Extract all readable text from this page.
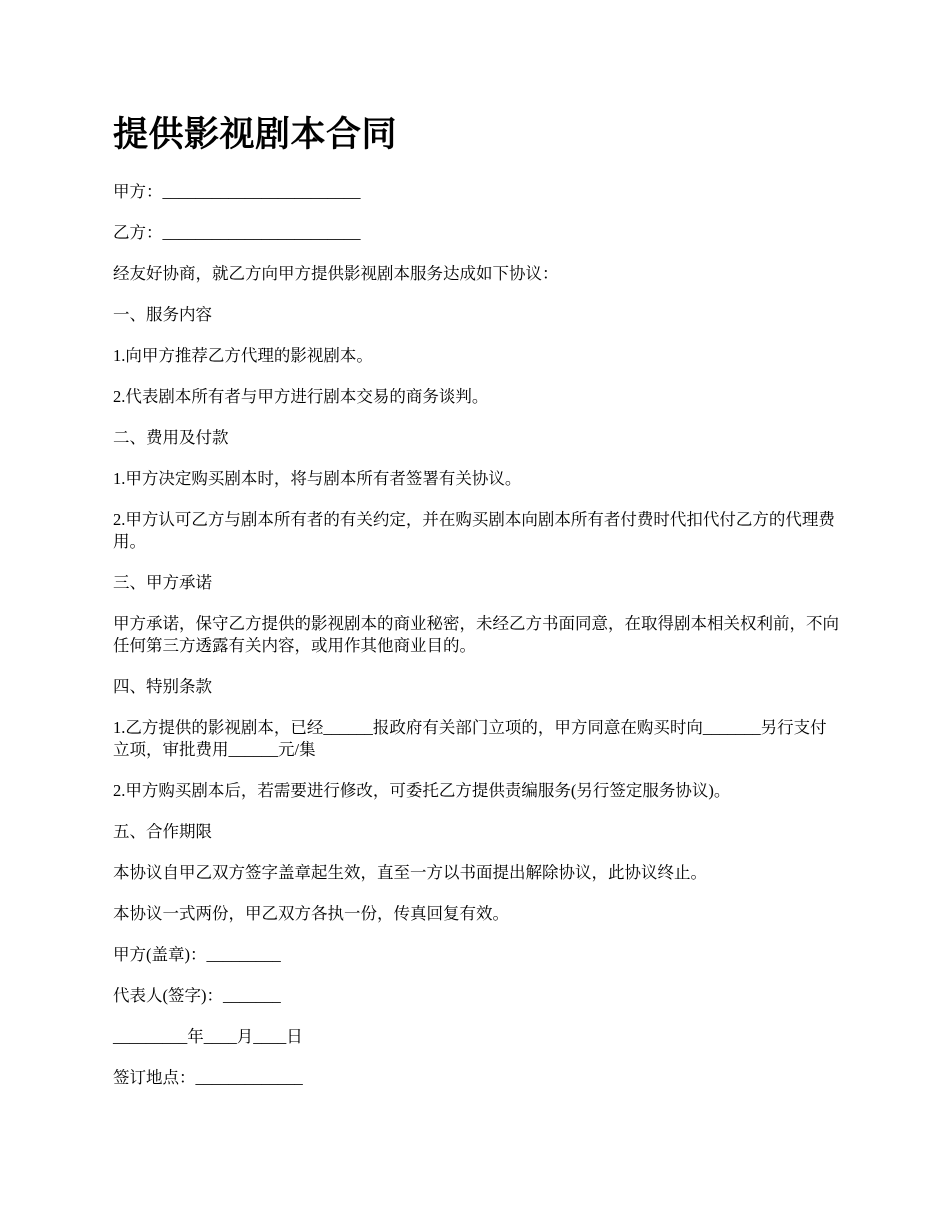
提供影视剧本合同

甲方：________________________

乙方：________________________

经友好协商，就乙方向甲方提供影视剧本服务达成如下协议：

一、服务内容

1.向甲方推荐乙方代理的影视剧本。

2.代表剧本所有者与甲方进行剧本交易的商务谈判。

二、费用及付款

1.甲方决定购买剧本时，将与剧本所有者签署有关协议。

2.甲方认可乙方与剧本所有者的有关约定，并在购买剧本向剧本所有者付费时代扣代付乙方的代理费用。

三、甲方承诺

甲方承诺，保守乙方提供的影视剧本的商业秘密，未经乙方书面同意，在取得剧本相关权利前，不向任何第三方透露有关内容，或用作其他商业目的。

四、特别条款

1.乙方提供的影视剧本，已经______报政府有关部门立项的，甲方同意在购买时向_______另行支付立项，审批费用______元/集

2.甲方购买剧本后，若需要进行修改，可委托乙方提供责编服务(另行签定服务协议)。

五、合作期限

本协议自甲乙双方签字盖章起生效，直至一方以书面提出解除协议，此协议终止。

本协议一式两份，甲乙双方各执一份，传真回复有效。

甲方(盖章)：_________

代表人(签字)：_______

_________年____月____日

签订地点：_____________
